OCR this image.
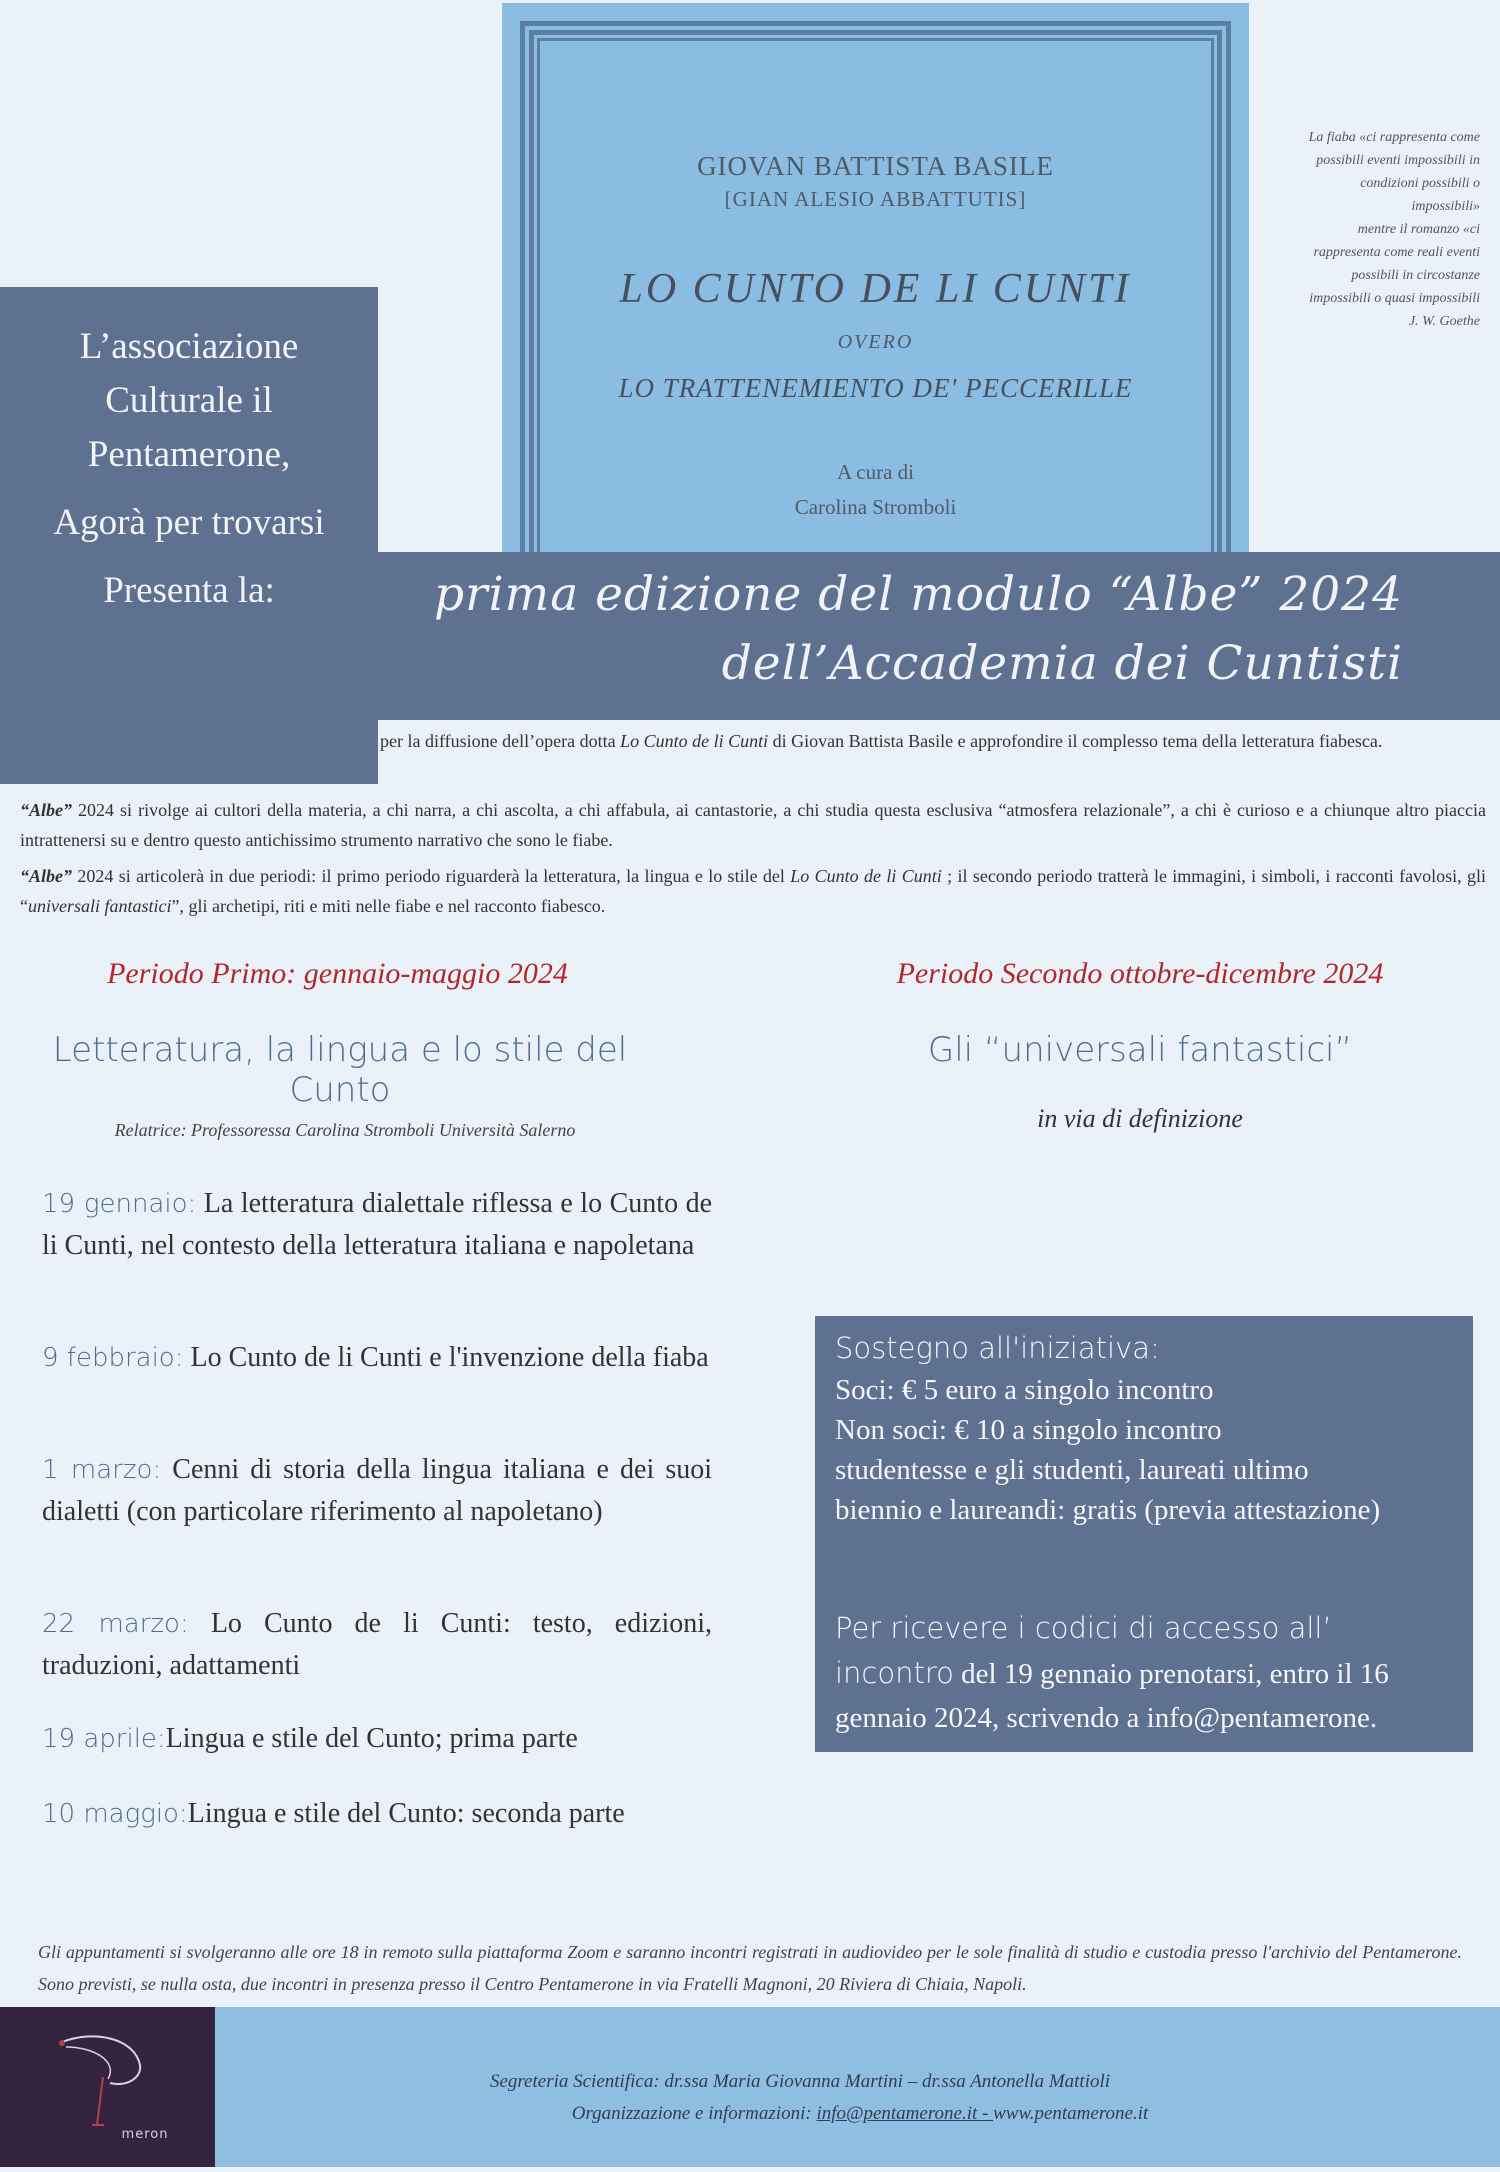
GIOVAN BATTISTA BASILE
[GIAN ALESIO ABBATTUTIS]
LO CUNTO DE LI CUNTI
OVERO
LO TRATTENEMIENTO DE' PECCERILLE
A cura di
Carolina Stromboli
La fiaba «ci rappresenta come
possibili eventi impossibili in
condizioni possibili o
impossibili»
mentre il romanzo «ci
rappresenta come reali eventi
possibili in circostanze
impossibili o quasi impossibili
J. W. Goethe
L’associazione
Culturale il
Pentamerone,
Agorà per trovarsi
Presenta la:	prima edizione del modulo “Albe” 2024
dell’Accademia dei Cuntisti
per la diffusione dell’opera dotta Lo Cunto de li Cunti di Giovan Battista Basile e approfondire il complesso tema della letteratura fiabesca.
“Albe” 2024 si rivolge ai cultori della materia, a chi narra, a chi ascolta, a chi affabula, ai cantastorie, a chi studia questa esclusiva “atmosfera relazionale”, a chi è curioso e a chiunque altro piaccia intrattenersi su e dentro questo antichissimo strumento narrativo che sono le fiabe.
“Albe” 2024 si articolerà in due periodi: il primo periodo riguarderà la letteratura, la lingua e lo stile del Lo Cunto de li Cunti ; il secondo periodo tratterà le immagini, i simboli, i racconti favolosi, gli “universali fantastici”, gli archetipi, riti e miti nelle fiabe e nel racconto fiabesco.
Periodo Primo: gennaio-maggio 2024	Periodo Secondo ottobre-dicembre 2024
Letteratura, la lingua e lo stile del Cunto
Gli “universali fantastici”
Relatrice: Professoressa Carolina Stromboli Università Salerno	in via di definizione
19 gennaio: La letteratura dialettale riflessa e lo Cunto de li Cunti, nel contesto della letteratura italiana e napoletana
9 febbraio: Lo Cunto de li Cunti e l'invenzione della fiaba
1 marzo: Cenni di storia della lingua italiana e dei suoi dialetti (con particolare riferimento al napoletano)
22 marzo: Lo Cunto de li Cunti: testo, edizioni, traduzioni, adattamenti
19 aprile:Lingua e stile del Cunto; prima parte
10 maggio:Lingua e stile del Cunto: seconda parte
Sostegno all'iniziativa:
Soci: € 5 euro a singolo incontro
Non soci: € 10 a singolo incontro
studentesse e gli studenti, laureati ultimo
biennio e laureandi: gratis (previa attestazione)
Per ricevere i codici di accesso all’ incontro del 19 gennaio prenotarsi, entro il 16 gennaio 2024, scrivendo a info@pentamerone.
Gli appuntamenti si svolgeranno alle ore 18 in remoto sulla piattaforma Zoom e saranno incontri registrati in audiovideo per le sole finalità di studio e custodia presso l'archivio del Pentamerone. Sono previsti, se nulla osta, due incontri in presenza presso il Centro Pentamerone in via Fratelli Magnoni, 20 Riviera di Chiaia, Napoli.
meron
Segreteria Scientifica: dr.ssa Maria Giovanna Martini – dr.ssa Antonella Mattioli
Organizzazione e informazioni: info@pentamerone.it - www.pentamerone.it
